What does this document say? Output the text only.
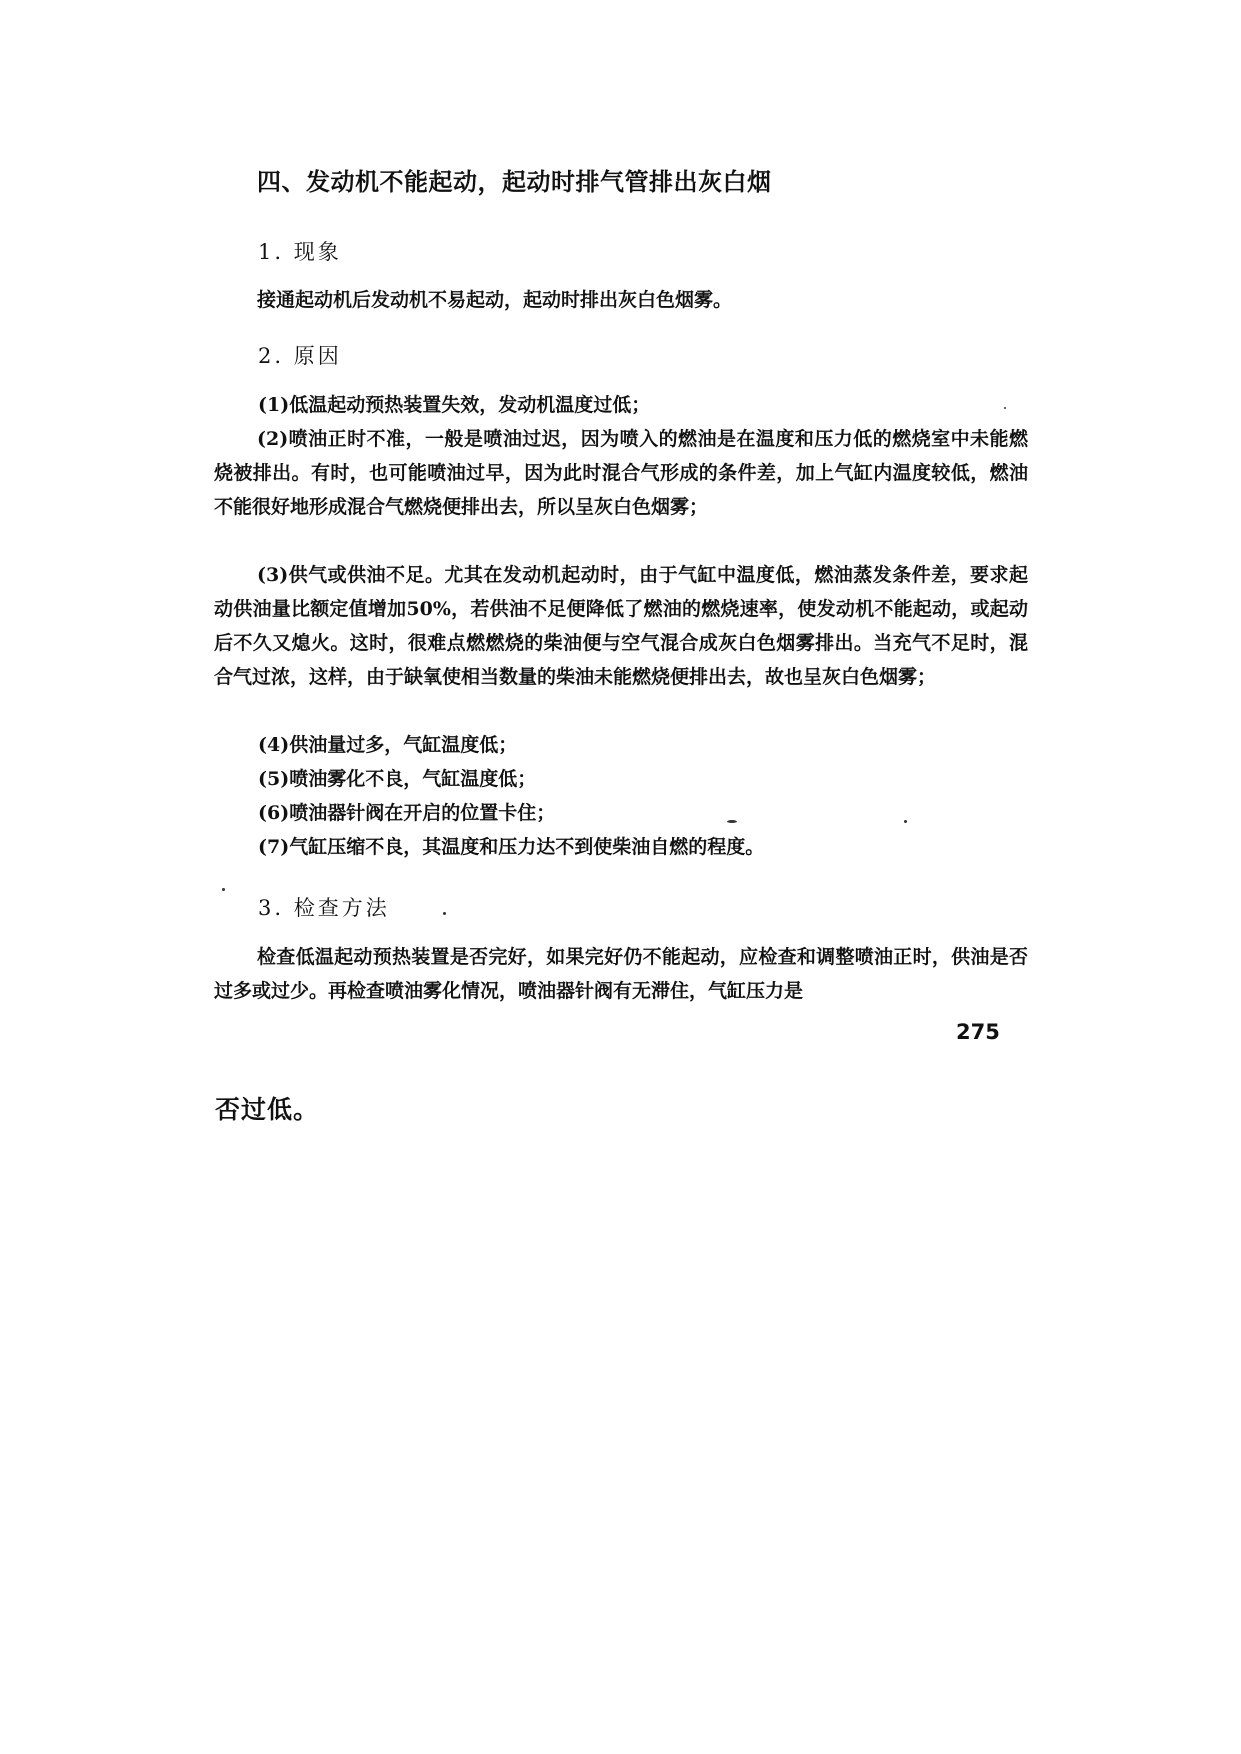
四、发动机不能起动，起动时排气管排出灰白烟
1. 现象

接通起动机后发动机不易起动，起动时排出灰白色烟雾。

2. 原因
(1)低温起动预热装置失效，发动机温度过低；

(2)喷油正时不准，一般是喷油过迟，因为喷入的燃油是在温度和压力低的燃烧室中未能燃烧被排出。有时，也可能喷油过早，因为此时混合气形成的条件差，加上气缸内温度较低，燃油不能很好地形成混合气燃烧便排出去，所以呈灰白色烟雾；

(3)供气或供油不足。尤其在发动机起动时，由于气缸中温度低，燃油蒸发条件差，要求起动供油量比额定值增加50%，若供油不足便降低了燃油的燃烧速率，使发动机不能起动，或起动后不久又熄火。这时，很难点燃燃烧的柴油便与空气混合成灰白色烟雾排出。当充气不足时，混合气过浓，这样，由于缺氧使相当数量的柴油未能燃烧便排出去，故也呈灰白色烟雾；

(4)供油量过多，气缸温度低；
(5)喷油雾化不良，气缸温度低；
(6)喷油器针阀在开启的位置卡住；
(7)气缸压缩不良，其温度和压力达不到使柴油自燃的程度。
3. 检查方法

检查低温起动预热装置是否完好，如果完好仍不能起动，应检查和调整喷油正时，供油是否过多或过少。再检查喷油雾化情况，喷油器针阀有无滞住，气缸压力是

275
否过低。
